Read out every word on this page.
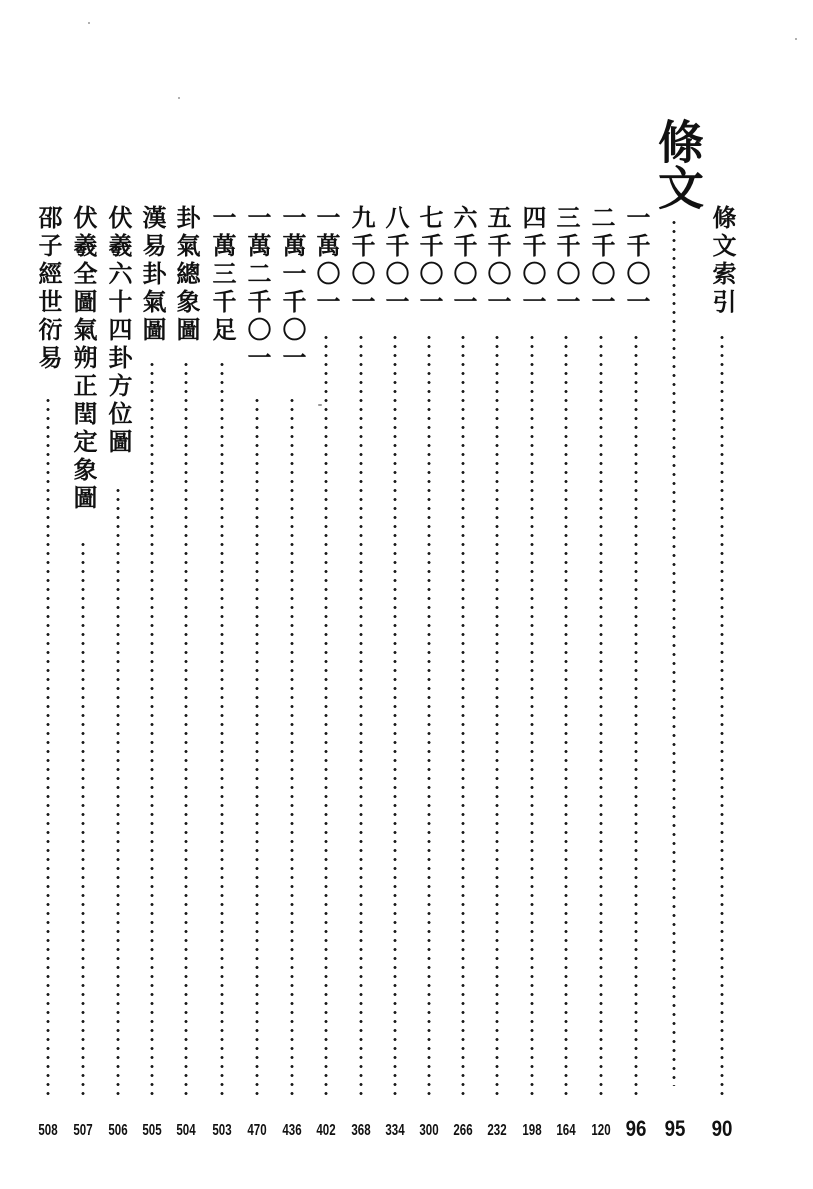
條文索引
90
條文
95
一千〇一
96
二千〇一
120
三千〇一
164
四千〇一
198
五千〇一
232
六千〇一
266
七千〇一
300
八千〇一
334
九千〇一
368
一萬〇一
402
一萬一千〇一
436
一萬二千〇一
470
一萬三千足
503
卦氣總象圖
504
漢易卦氣圖
505
伏羲六十四卦方位圖
506
伏羲全圖氣朔正閏定象圖
507
邵子經世衍易
508
